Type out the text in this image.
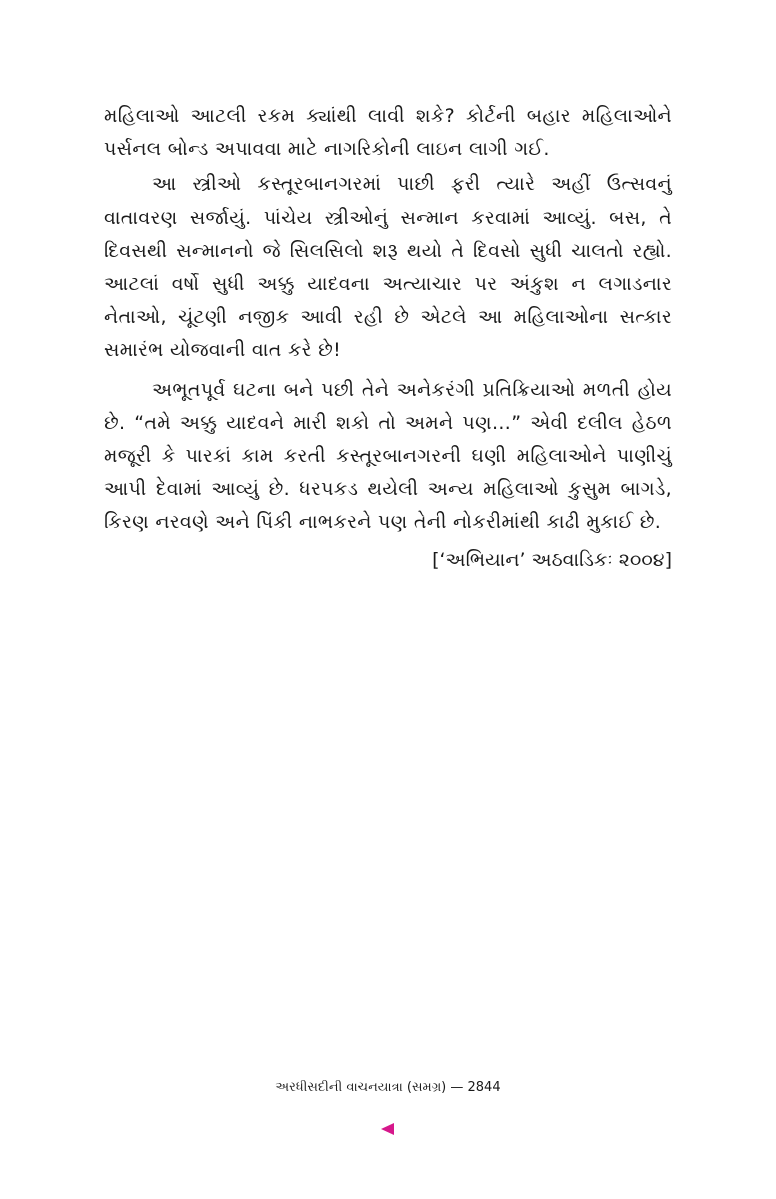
મહિલાઓ આટલી રકમ ક્યાંથી લાવી શકે? કોર્ટની બહાર મહિલાઓને પર્સનલ બોન્ડ અપાવવા માટે નાગરિકોની લાઇન લાગી ગઈ.

આ સ્ત્રીઓ કસ્તૂરબાનગરમાં પાછી ફરી ત્યારે અહીં ઉત્સવનું વાતાવરણ સર્જાયું. પાંચેય સ્ત્રીઓનું સન્માન કરવામાં આવ્યું. બસ, તે દિવસથી સન્માનનો જે સિલસિલો શરૂ થયો તે દિવસો સુધી ચાલતો રહ્યો. આટલાં વર્ષો સુધી અક્કુ યાદવના અત્યાચાર પર અંકુશ ન લગાડનાર નેતાઓ, ચૂંટણી નજીક આવી રહી છે એટલે આ મહિલાઓના સત્કાર સમારંભ યોજવાની વાત કરે છે!

અભૂતપૂર્વ ઘટના બને પછી તેને અનેકરંગી પ્રતિક્રિયાઓ મળતી હોય છે. “તમે અક્કુ યાદવને મારી શકો તો અમને પણ…” એવી દલીલ હેઠળ મજૂરી કે પારકાં કામ કરતી કસ્તૂરબાનગરની ઘણી મહિલાઓને પાણીચું આપી દેવામાં આવ્યું છે. ધરપકડ થયેલી અન્ય મહિલાઓ કુસુમ બાગડે, કિરણ નરવણે અને પિંકી નાભકરને પણ તેની નોકરીમાંથી કાઢી મુકાઈ છે.

[‘અભિયાન’ અઠવાડિકઃ ૨૦૦૪]

અરધીસદીની વાચનયાત્રા (સમગ્ર) — 2844
